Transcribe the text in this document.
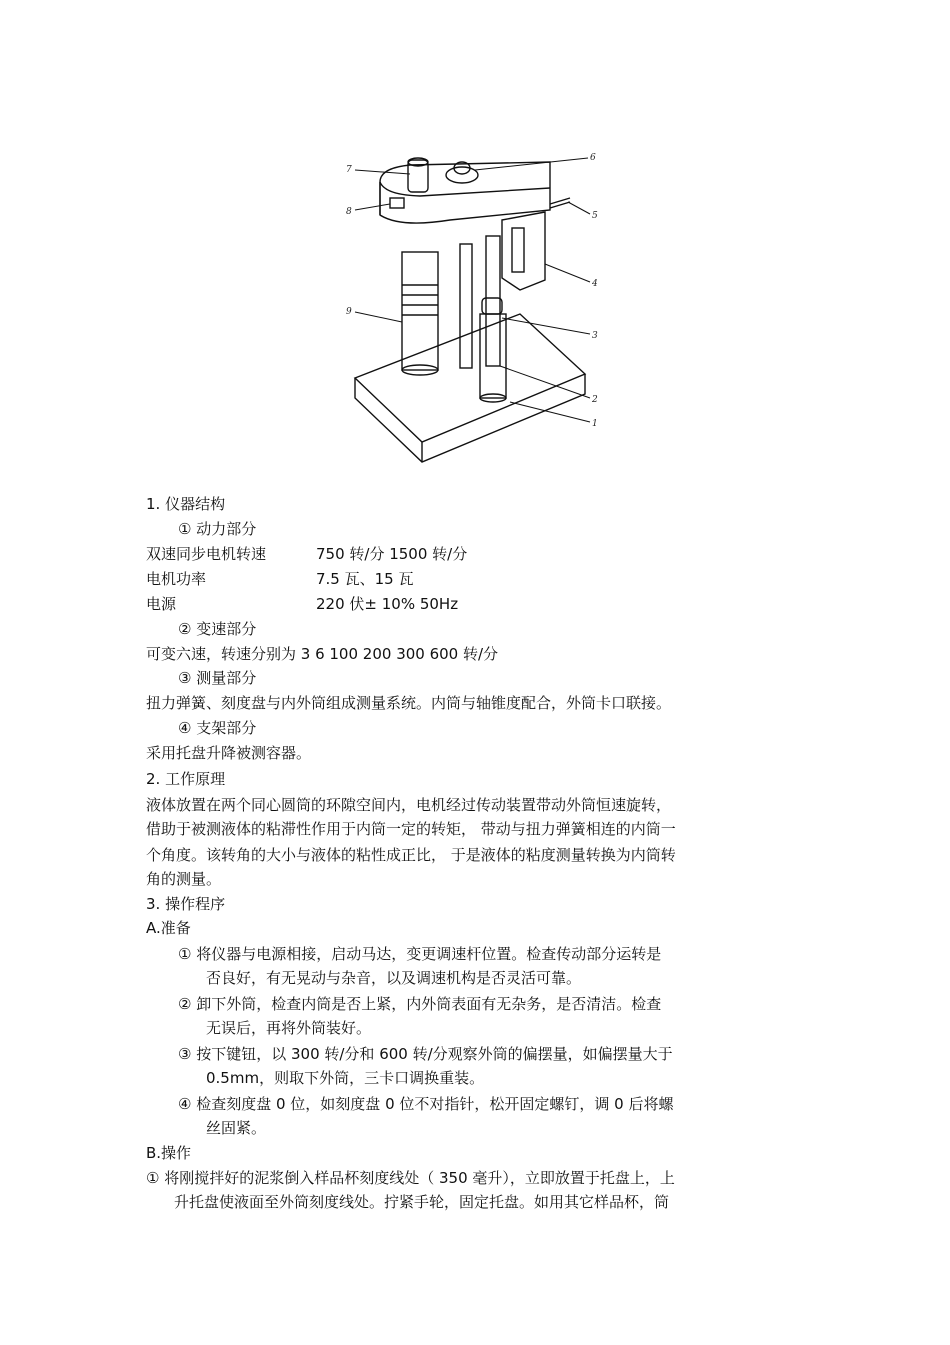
7
6
8	5
4
9
3
2
1
1. 仪器结构
① 动力部分
双速同步电机转速	750 转/分 1500 转/分
电机功率	7.5 瓦、15 瓦
电源	220 伏± 10% 50Hz
② 变速部分
可变六速，转速分别为 3 6 100 200 300 600 转/分
③ 测量部分
扭力弹簧、刻度盘与内外筒组成测量系统。内筒与轴锥度配合，外筒卡口联接。
④ 支架部分
采用托盘升降被测容器。
2. 工作原理
液体放置在两个同心圆筒的环隙空间内，电机经过传动装置带动外筒恒速旋转，
借助于被测液体的粘滞性作用于内筒一定的转矩， 带动与扭力弹簧相连的内筒一
个角度。该转角的大小与液体的粘性成正比， 于是液体的粘度测量转换为内筒转
角的测量。
3. 操作程序
A.准备
① 将仪器与电源相接，启动马达，变更调速杆位置。检查传动部分运转是
否良好，有无晃动与杂音，以及调速机构是否灵活可靠。
② 卸下外筒，检查内筒是否上紧，内外筒表面有无杂务，是否清洁。检查
无误后，再将外筒装好。
③ 按下键钮，以 300 转/分和 600 转/分观察外筒的偏摆量，如偏摆量大于
0.5mm，则取下外筒，三卡口调换重装。
④ 检查刻度盘 0 位，如刻度盘 0 位不对指针，松开固定螺钉，调 0 后将螺
丝固紧。
B.操作
① 将刚搅拌好的泥浆倒入样品杯刻度线处（ 350 毫升），立即放置于托盘上，上
升托盘使液面至外筒刻度线处。拧紧手轮，固定托盘。如用其它样品杯，筒
